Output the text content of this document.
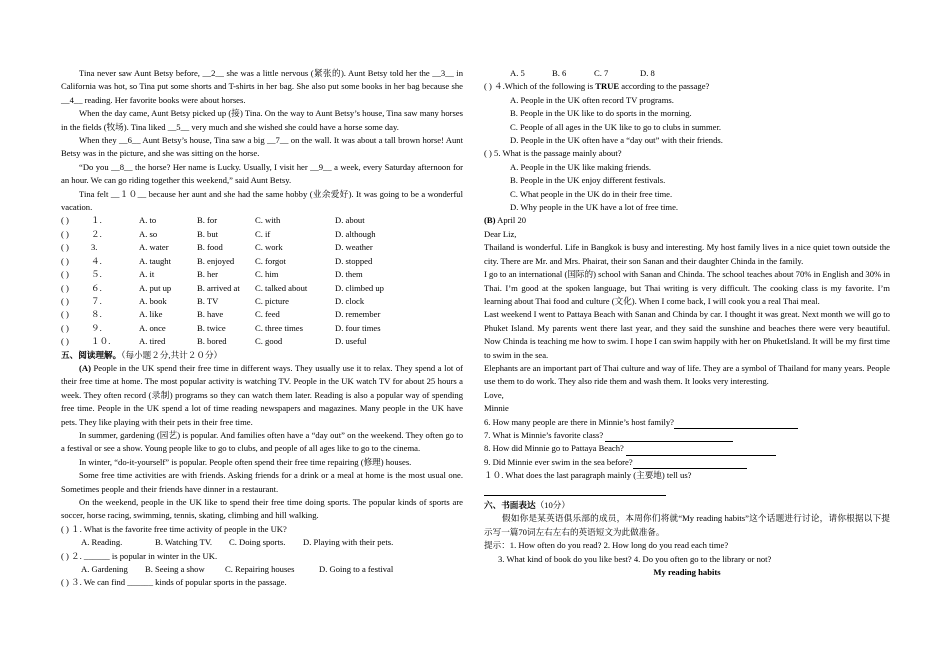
Tina never saw Aunt Betsy before, __2__ she was a little nervous (紧张的). Aunt Betsy told her the __3__ in California was hot, so Tina put some shorts and T-shirts in her bag. She also put some books in her bag because she __4__ reading. Her favorite books were about horses.

When the day came, Aunt Betsy picked up (接) Tina. On the way to Aunt Betsy’s house, Tina saw many horses in the fields (牧场). Tina liked __5__ very much and she wished she could have a horse some day.

When they __6__ Aunt Betsy’s house, Tina saw a big __7__ on the wall. It was about a tall brown horse! Aunt Betsy was in the picture, and she was sitting on the horse.

“Do you __8__ the horse? Her name is Lucky. Usually, I visit her __9__ a week, every Saturday afternoon for an hour. We can go riding together this weekend,” said Aunt Betsy.

Tina felt __１０__ because her aunt and she had the same hobby (业余爱好). It was going to be a wonderful vacation.

( )	１.	A. to	B. for	C. with	D. about
( )	２.	A. so	B. but	C. if	D. although
( )	3.	A. water	B. food	C. work	D. weather
( )	４.	A. taught	B. enjoyed	C. forgot	D. stopped
( )	５.	A. it	B. her	C. him	D. them
( )	６.	A. put up	B. arrived at	C. talked about	D. climbed up
( )	７.	A. book	B. TV	C. picture	D. clock
( )	８.	A. like	B. have	C. feed	D. remember
( )	９.	A. once	B. twice	C. three times	D. four times
( )	１０.	A. tired	B. bored	C. good	D. useful

五、阅读理解。（每小题２分,共计２０分）

(A) People in the UK spend their free time in different ways. They usually use it to relax. They spend a lot of their free time at home. The most popular activity is watching TV. People in the UK watch TV for about 25 hours a week. They often record (录制) programs so they can watch them later. Reading is also a popular way of spending free time. People in the UK spend a lot of time reading newspapers and magazines. Many people in the UK have pets. They like playing with their pets in their free time.

In summer, gardening (园艺) is popular. And families often have a “day out” on the weekend. They often go to a festival or see a show. Young people like to go to clubs, and people of all ages like to go to the cinema.

In winter, “do-it-yourself” is popular. People often spend their free time repairing (修理) houses.

Some free time activities are with friends. Asking friends for a drink or a meal at home is the most usual one. Sometimes people and their friends have dinner in a restaurant.

On the weekend, people in the UK like to spend their free time doing sports. The popular kinds of sports are soccer, horse racing, swimming, tennis, skating, climbing and hill walking.

( ) １. What is the favorite free time activity of people in the UK?

A. Reading.	B. Watching TV.	C. Doing sports.	D. Playing with their pets.

( ) ２. ______ is popular in winter in the UK.

A. Gardening	B. Seeing a show	C. Repairing houses	D. Going to a festival

( ) ３. We can find ______ kinds of popular sports in the passage.

A. 5	B. 6	C. 7	D. 8

( ) ４.Which of the following is TRUE according to the passage?

A. People in the UK often record TV programs.

B. People in the UK like to do sports in the morning.

C. People of all ages in the UK like to go to clubs in summer.

D. People in the UK often have a “day out” with their friends.

( ) 5. What is the passage mainly about?

A. People in the UK like making friends.

B. People in the UK enjoy different festivals.

C. What people in the UK do in their free time.

D. Why people in the UK have a lot of free time.

(B) April 20

Dear Liz,

Thailand is wonderful. Life in Bangkok is busy and interesting. My host family lives in a nice quiet town outside the city. There are Mr. and Mrs. Phairat, their son Sanan and their daughter Chinda in the family.

I go to an international (国际的) school with Sanan and Chinda. The school teaches about 70% in English and 30% in Thai. I’m good at the spoken language, but Thai writing is very difficult. The cooking class is my favorite. I’m learning about Thai food and culture (文化). When I come back, I will cook you a real Thai meal.

Last weekend I went to Pattaya Beach with Sanan and Chinda by car. I thought it was great. Next month we will go to Phuket Island. My parents went there last year, and they said the sunshine and beaches there were very beautiful. Now Chinda is teaching me how to swim. I hope I can swim happily with her on PhuketIsland. It will be my first time to swim in the sea.

Elephants are an important part of Thai culture and way of life. They are a symbol of Thailand for many years. People use them to do work. They also ride them and wash them. It looks very interesting.

Love,

Minnie

6. How many people are there in Minnie’s host family?

7. What is Minnie’s favorite class?

8. How did Minnie go to Pattaya Beach?

9. Did Minnie ever swim in the sea before?

１０. What does the last paragraph mainly (主要地) tell us?

六、书面表达（10分）

假如你是某英语俱乐部的成员，本周你们将就“My reading habits”这个话题进行讨论，请你根据以下提示写一篇70词左右左右的英语短文为此做准备。

提示：1. How often do you read? 2. How long do you read each time?

3. What kind of book do you like best? 4. Do you often go to the library or not?

My reading habits
